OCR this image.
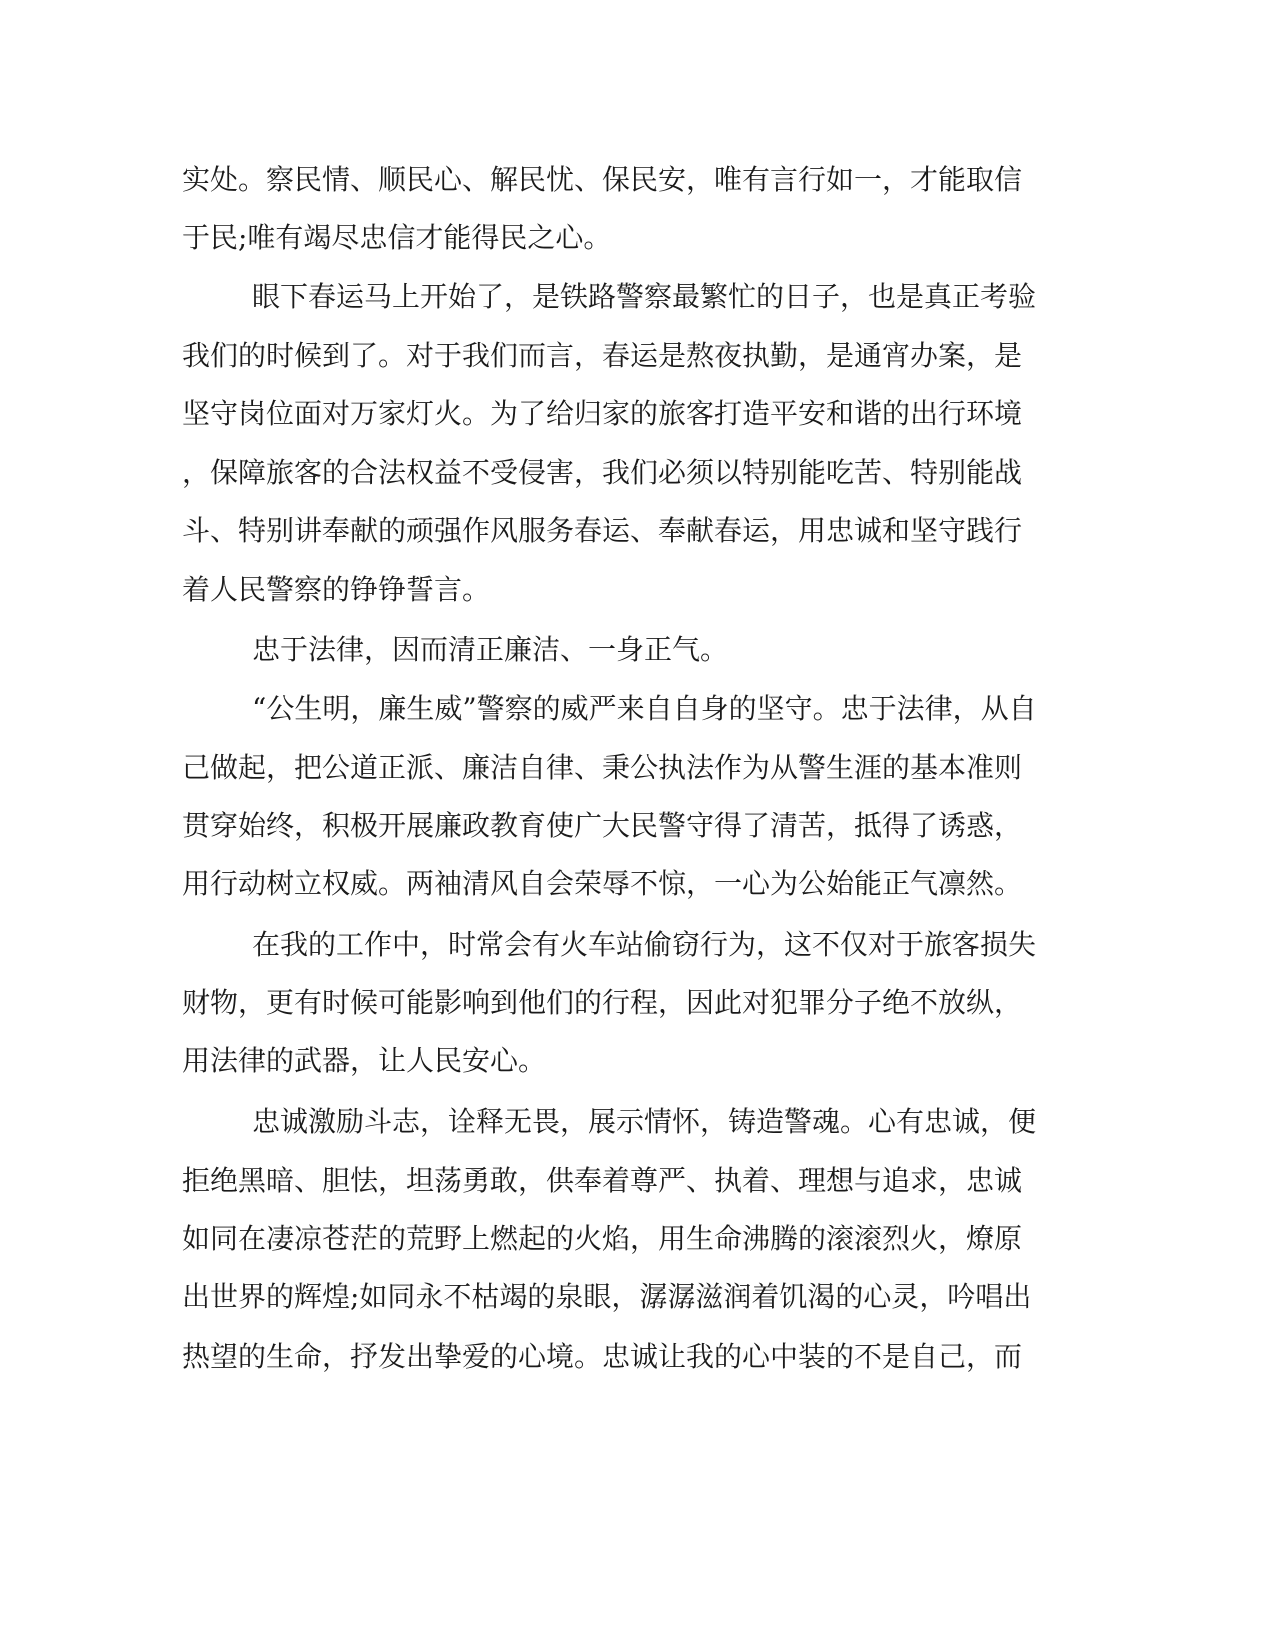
实处。察民情、顺民心、解民忧、保民安，唯有言行如一，才能取信
于民;唯有竭尽忠信才能得民之心。
眼下春运马上开始了，是铁路警察最繁忙的日子，也是真正考验
我们的时候到了。对于我们而言，春运是熬夜执勤，是通宵办案，是
坚守岗位面对万家灯火。为了给归家的旅客打造平安和谐的出行环境
，保障旅客的合法权益不受侵害，我们必须以特别能吃苦、特别能战
斗、特别讲奉献的顽强作风服务春运、奉献春运，用忠诚和坚守践行
着人民警察的铮铮誓言。
忠于法律，因而清正廉洁、一身正气。
“公生明，廉生威”警察的威严来自自身的坚守。忠于法律，从自
己做起，把公道正派、廉洁自律、秉公执法作为从警生涯的基本准则
贯穿始终，积极开展廉政教育使广大民警守得了清苦，抵得了诱惑，
用行动树立权威。两袖清风自会荣辱不惊，一心为公始能正气凛然。
在我的工作中，时常会有火车站偷窃行为，这不仅对于旅客损失
财物，更有时候可能影响到他们的行程，因此对犯罪分子绝不放纵，
用法律的武器，让人民安心。
忠诚激励斗志，诠释无畏，展示情怀，铸造警魂。心有忠诚，便
拒绝黑暗、胆怯，坦荡勇敢，供奉着尊严、执着、理想与追求，忠诚
如同在凄凉苍茫的荒野上燃起的火焰，用生命沸腾的滚滚烈火，燎原
出世界的辉煌;如同永不枯竭的泉眼，潺潺滋润着饥渴的心灵，吟唱出
热望的生命，抒发出挚爱的心境。忠诚让我的心中装的不是自己，而
